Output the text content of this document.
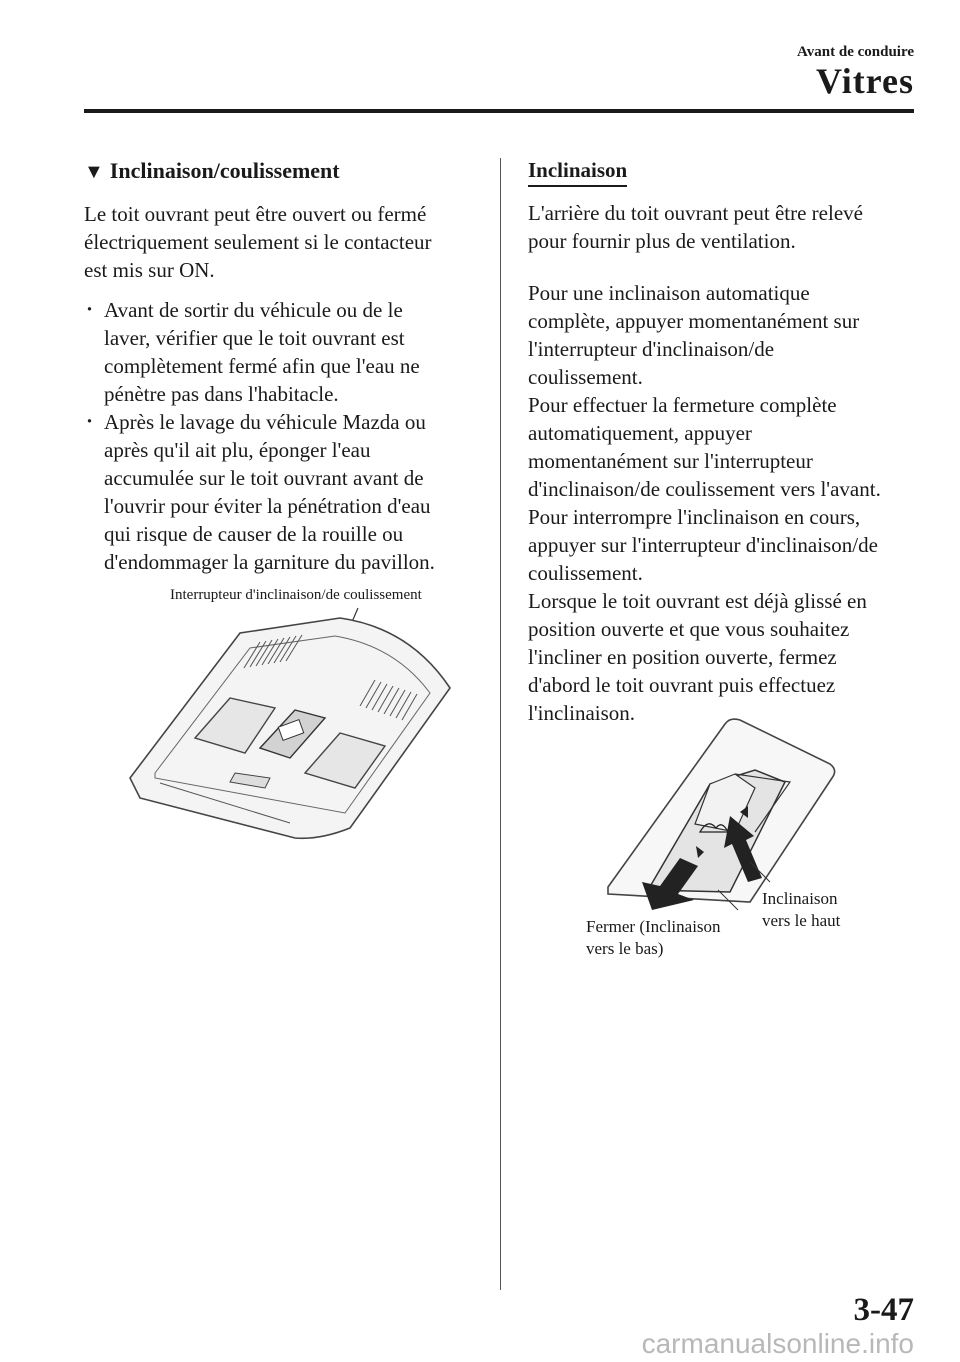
Avant de conduire
Vitres
▼ Inclinaison/coulissement

Le toit ouvrant peut être ouvert ou fermé
électriquement seulement si le contacteur
est mis sur ON.

· Avant de sortir du véhicule ou de le
laver, vérifier que le toit ouvrant est
complètement fermé afin que l'eau ne
pénètre pas dans l'habitacle.
· Après le lavage du véhicule Mazda ou
après qu'il ait plu, éponger l'eau
accumulée sur le toit ouvrant avant de
l'ouvrir pour éviter la pénétration d'eau
qui risque de causer de la rouille ou
d'endommager la garniture du pavillon.
Interrupteur d'inclinaison/de coulissement
Inclinaison

L'arrière du toit ouvrant peut être relevé
pour fournir plus de ventilation.

Pour une inclinaison automatique
complète, appuyer momentanément sur
l'interrupteur d'inclinaison/de
coulissement.
Pour effectuer la fermeture complète
automatiquement, appuyer
momentanément sur l'interrupteur
d'inclinaison/de coulissement vers l'avant.
Pour interrompre l'inclinaison en cours,
appuyer sur l'interrupteur d'inclinaison/de
coulissement.
Lorsque le toit ouvrant est déjà glissé en
position ouverte et que vous souhaitez
l'incliner en position ouverte, fermez
d'abord le toit ouvrant puis effectuez
l'inclinaison.

Fermer (Inclinaison
vers le bas)
Inclinaison
vers le haut
3-47
carmanualsonline.info
